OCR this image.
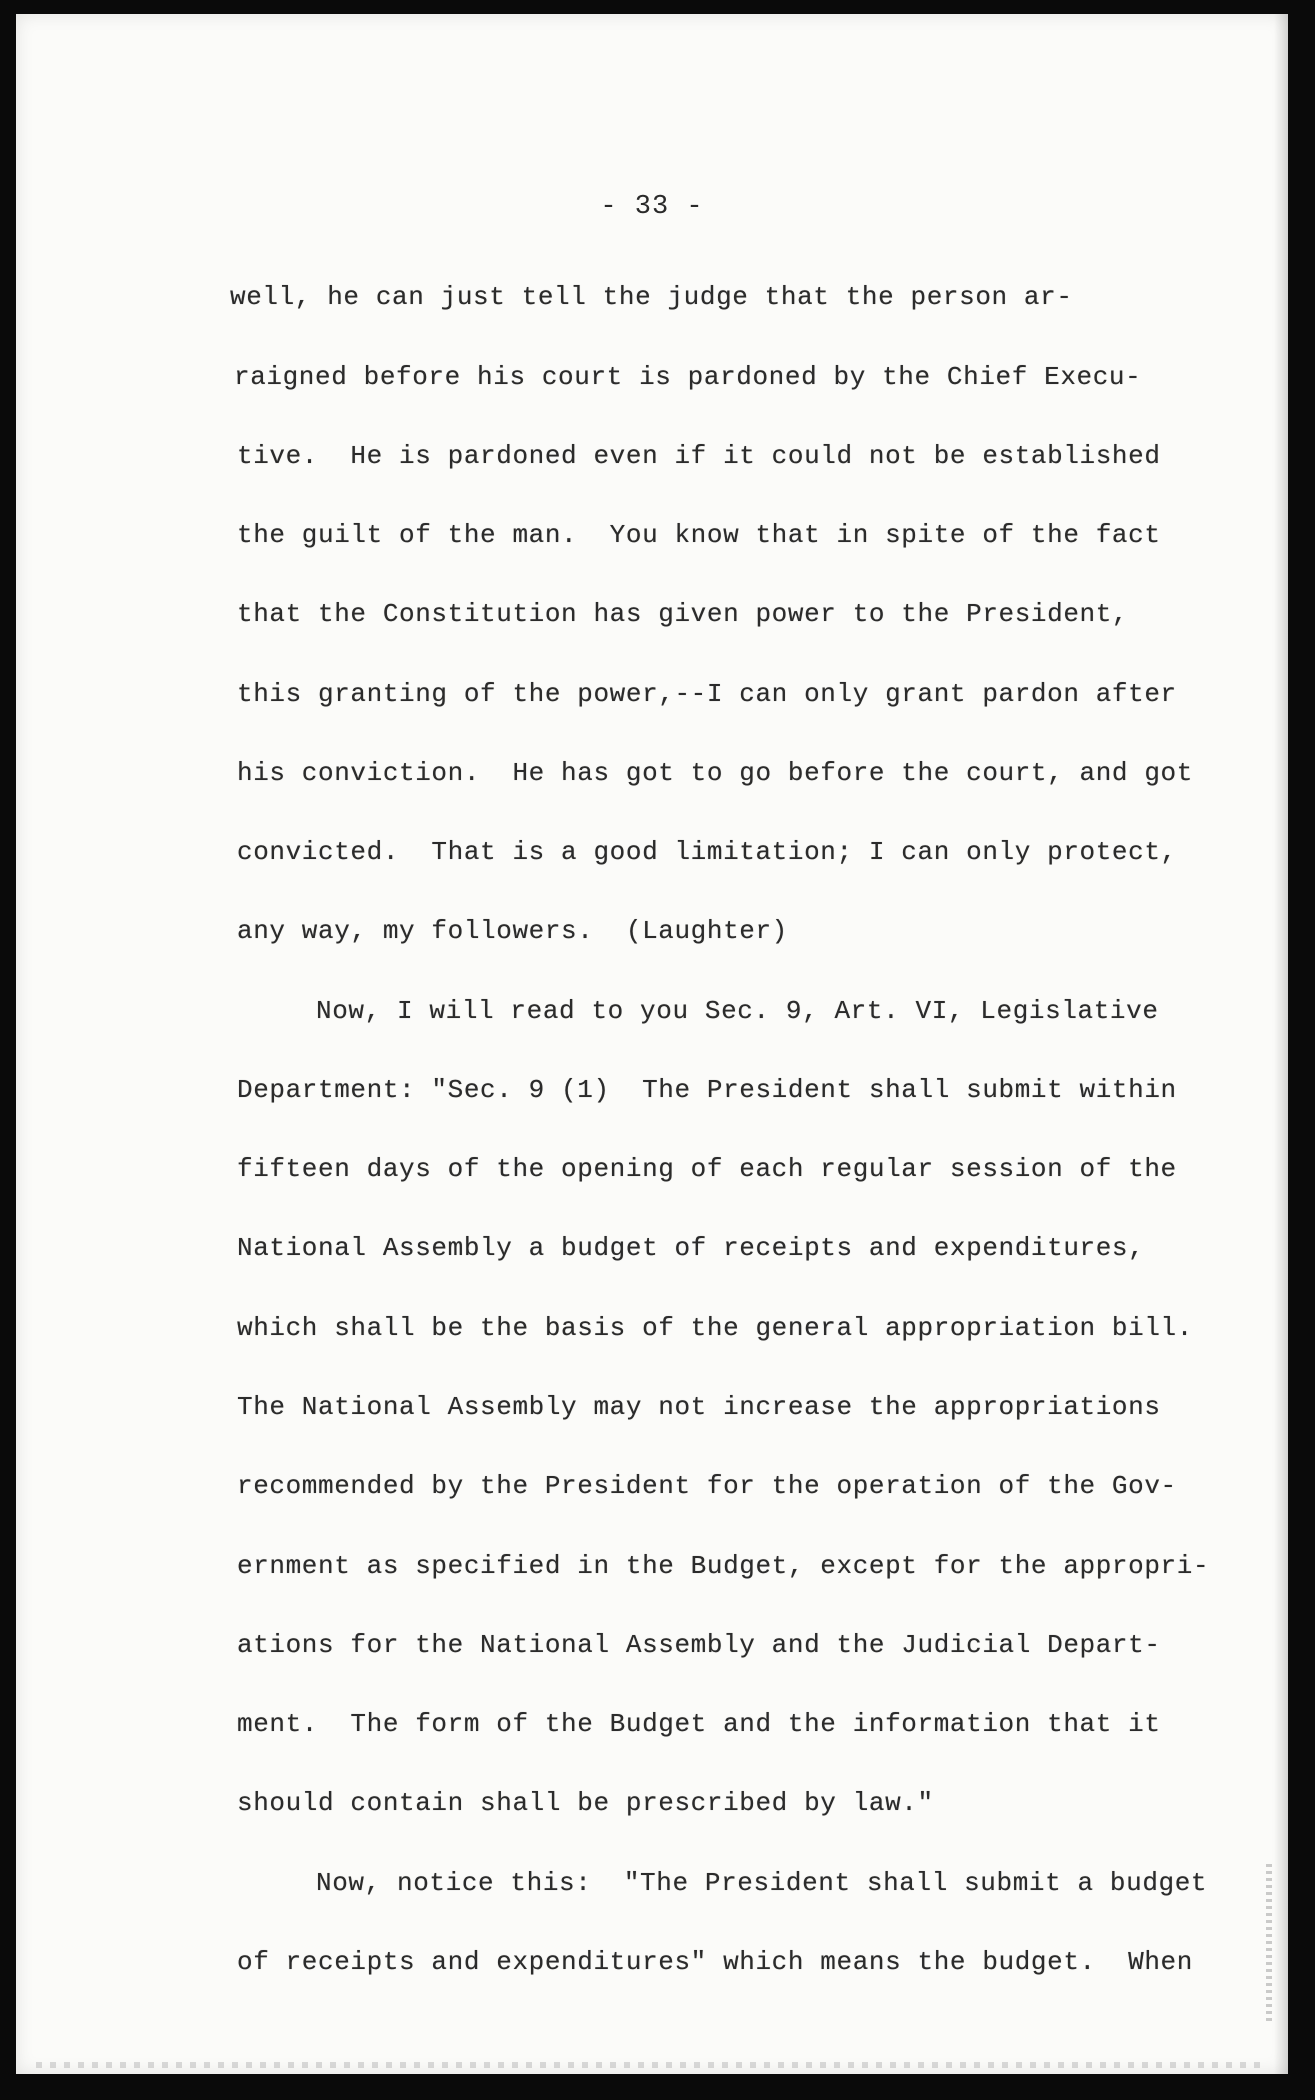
- 33 -
well, he can just tell the judge that the person ar-
raigned before his court is pardoned by the Chief Execu-
tive.  He is pardoned even if it could not be established
the guilt of the man.  You know that in spite of the fact
that the Constitution has given power to the President,
this granting of the power,--I can only grant pardon after
his conviction.  He has got to go before the court, and got
convicted.  That is a good limitation; I can only protect,
any way, my followers.  (Laughter)
Now, I will read to you Sec. 9, Art. VI, Legislative
Department: "Sec. 9 (1)  The President shall submit within
fifteen days of the opening of each regular session of the
National Assembly a budget of receipts and expenditures,
which shall be the basis of the general appropriation bill.
The National Assembly may not increase the appropriations
recommended by the President for the operation of the Gov-
ernment as specified in the Budget, except for the appropri-
ations for the National Assembly and the Judicial Depart-
ment.  The form of the Budget and the information that it
should contain shall be prescribed by law."
Now, notice this:  "The President shall submit a budget
of receipts and expenditures" which means the budget.  When
